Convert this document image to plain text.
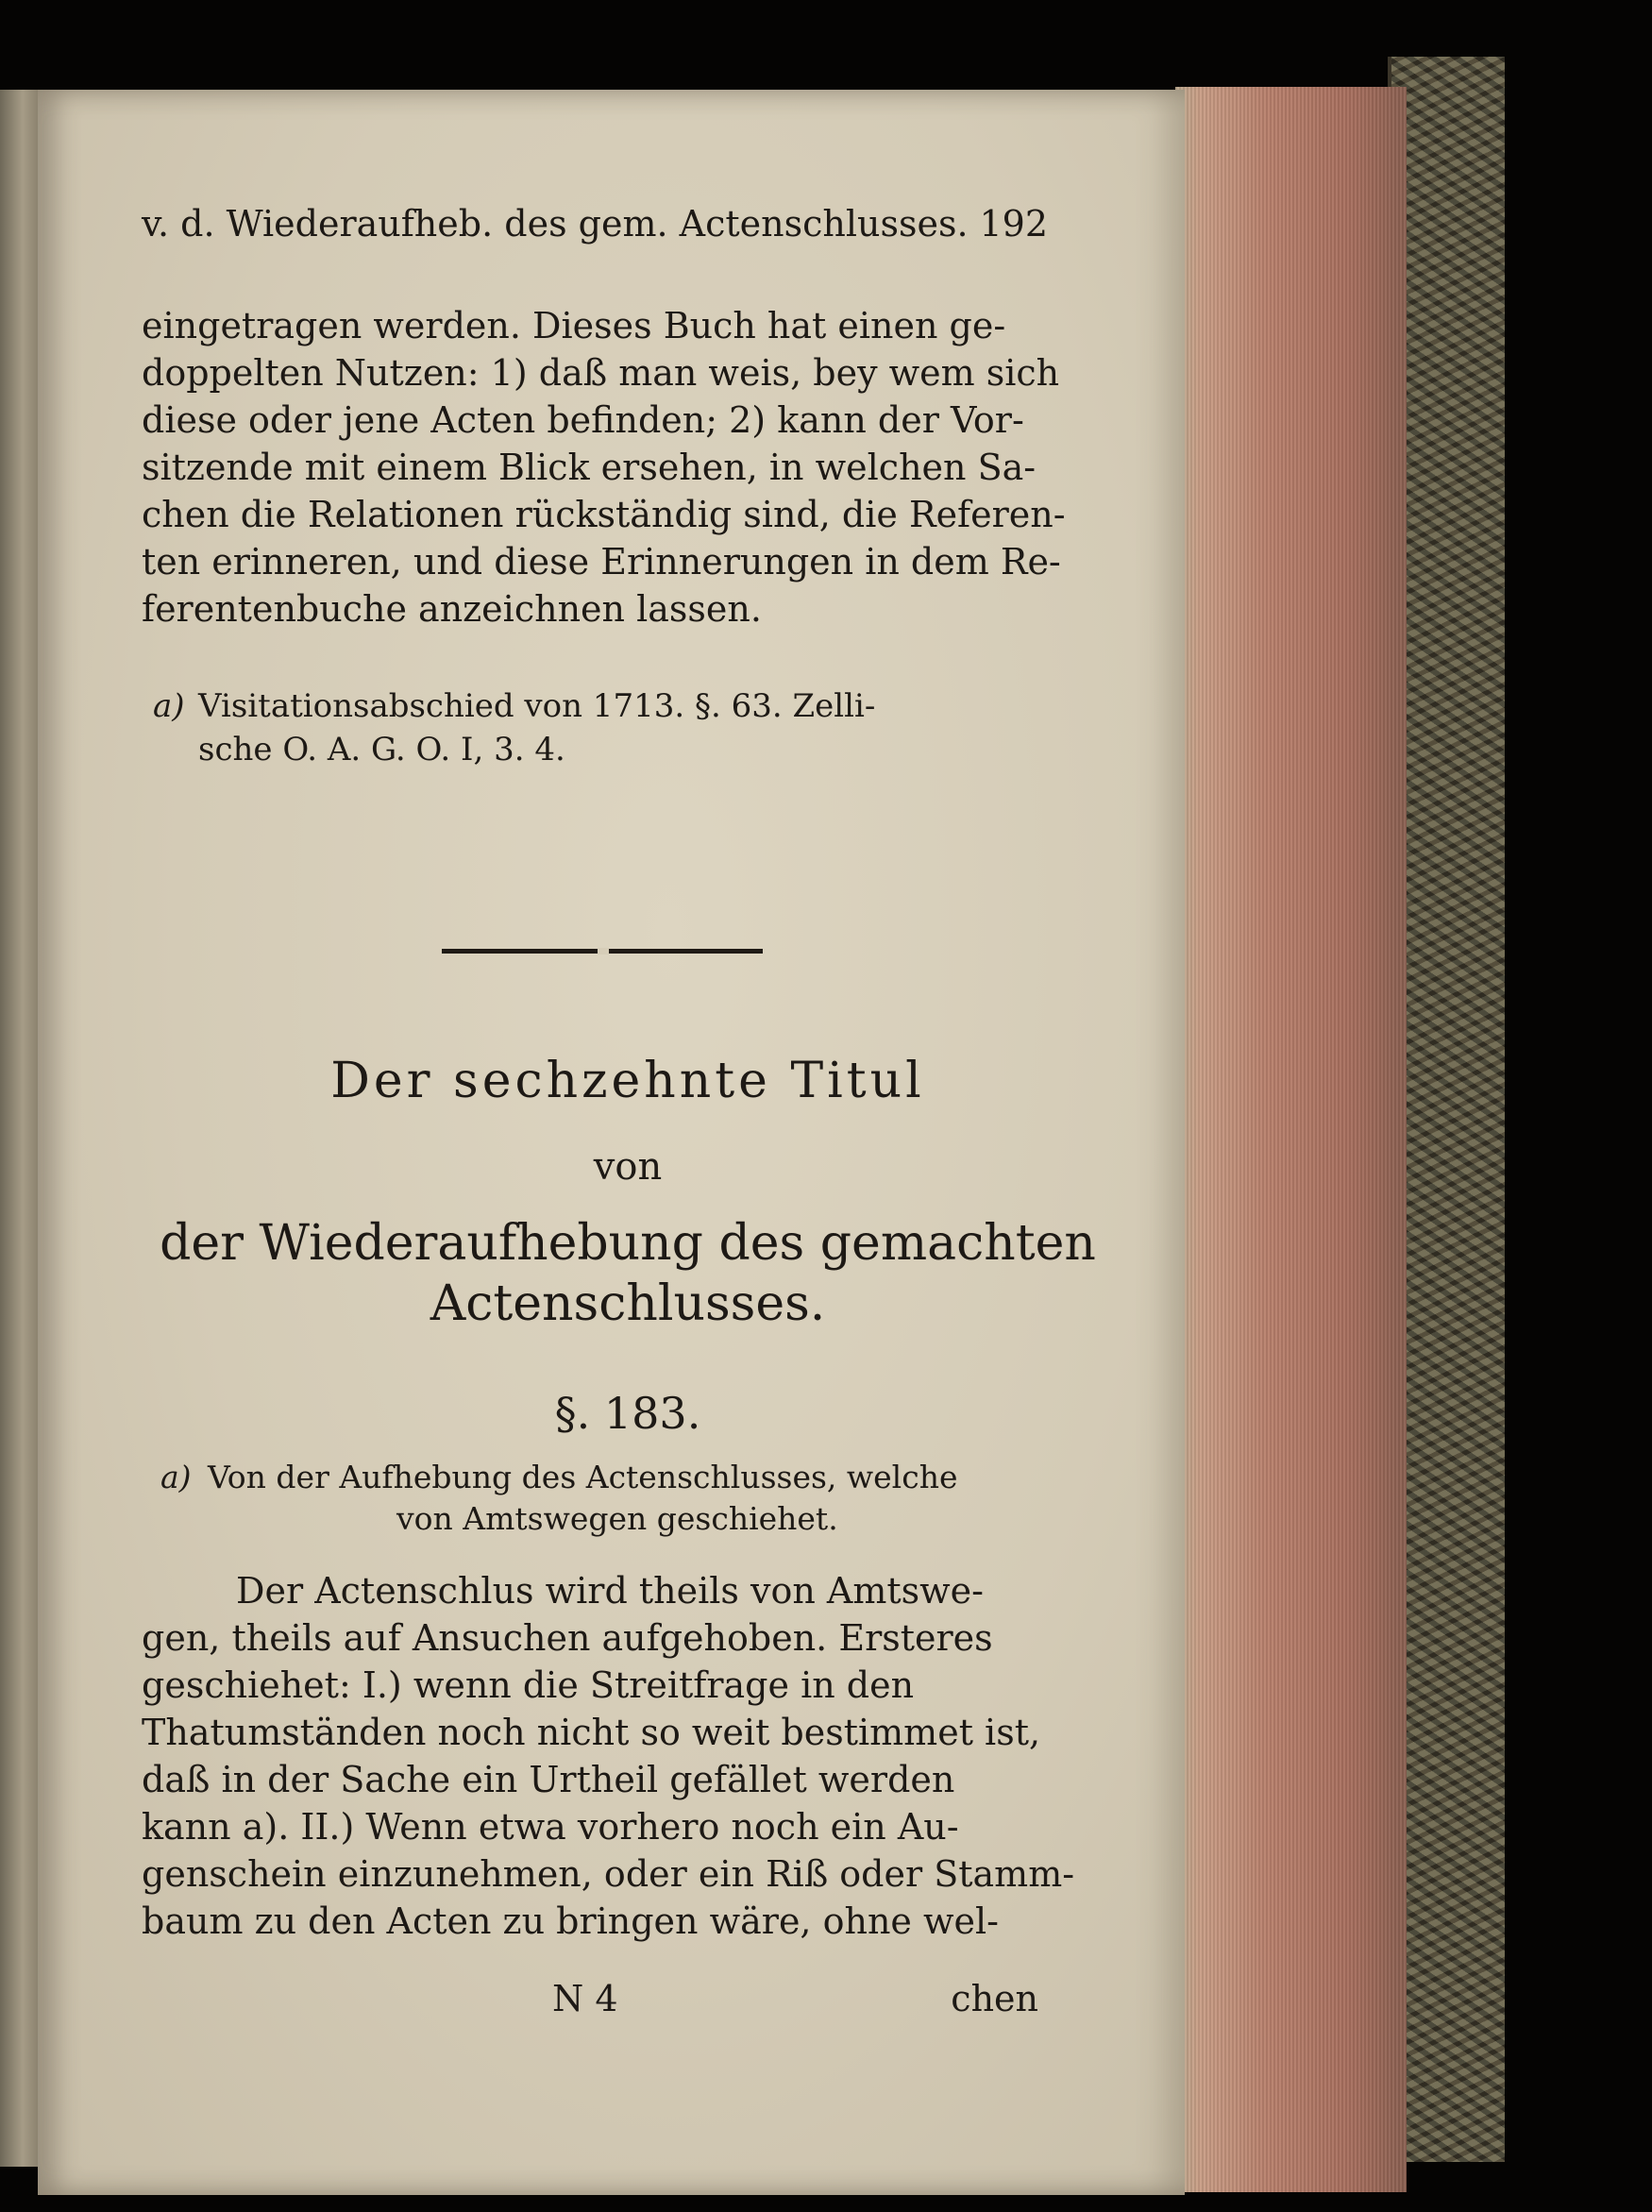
v. d. Wiederaufheb. des gem. Actenschlusses. 192
eingetragen werden. Dieses Buch hat einen ge-
doppelten Nutzen: 1) daß man weis, bey wem sich
diese oder jene Acten befinden; 2) kann der Vor-
sitzende mit einem Blick ersehen, in welchen Sa-
chen die Relationen rückständig sind, die Referen-
ten erinneren, und diese Erinnerungen in dem Re-
ferentenbuche anzeichnen lassen.
a) Visitationsabschied von 1713. §. 63. Zelli-
sche O. A. G. O. I, 3. 4.
Der sechzehnte Titul
von
der Wiederaufhebung des gemachten
Actenschlusses.
§. 183.
a) Von der Aufhebung des Actenschlusses, welche
von Amtswegen geschiehet.
Der Actenschlus wird theils von Amtswe-
gen, theils auf Ansuchen aufgehoben. Ersteres
geschiehet: I.) wenn die Streitfrage in den
Thatumständen noch nicht so weit bestimmet ist,
daß in der Sache ein Urtheil gefället werden
kann a). II.) Wenn etwa vorhero noch ein Au-
genschein einzunehmen, oder ein Riß oder Stamm-
baum zu den Acten zu bringen wäre, ohne wel-
N 4	chen
